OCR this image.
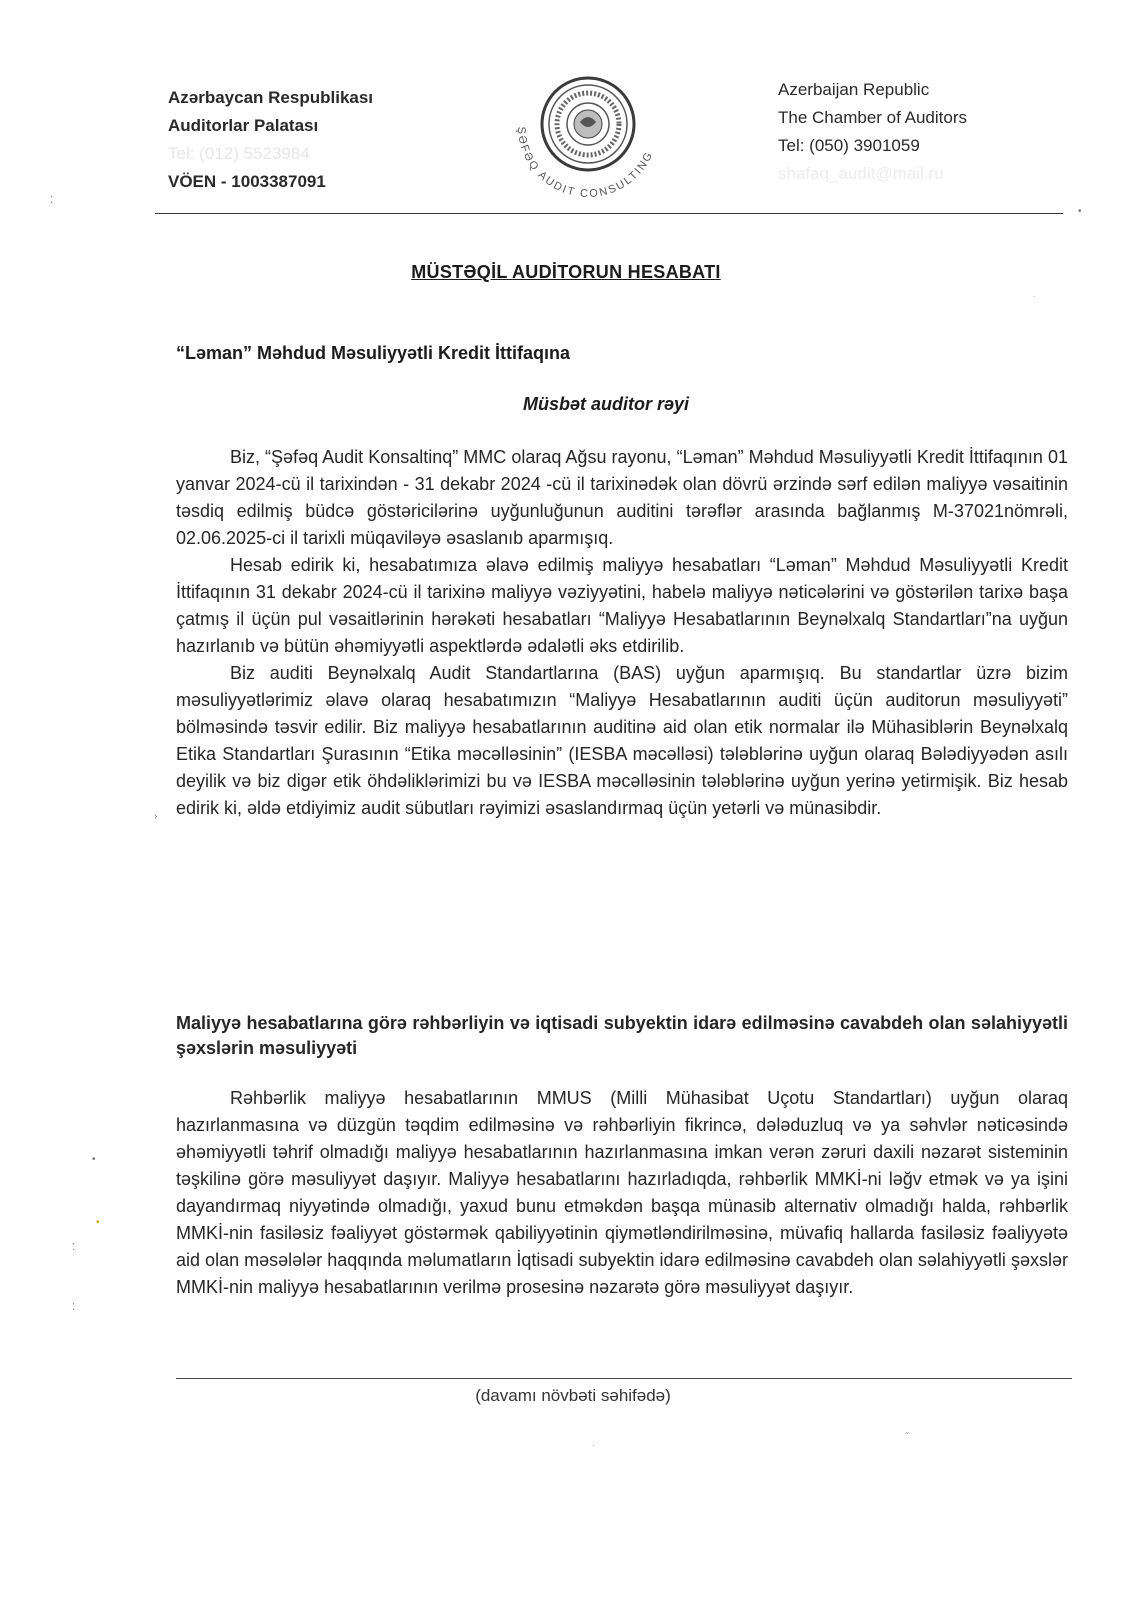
Azərbaycan Respublikası
Auditorlar Palatası
Tel: (012) 5523984
VÖEN - 1003387091
ŞƏFƏQ AUDIT CONSULTING
Azerbaijan Republic
The Chamber of Auditors
Tel: (050) 3901059
shafaq_audit@mail.ru
MÜSTƏQİL AUDİTORUN HESABATI
“Ləman” Məhdud Məsuliyyətli Kredit İttifaqına
Müsbət auditor rəyi

Biz, “Şəfəq Audit Konsaltinq” MMC olaraq Ağsu rayonu, “Ləman” Məhdud Məsuliyyətli Kredit İttifaqının 01 yanvar 2024-cü il tarixindən - 31 dekabr 2024 -cü il tarixinədək olan dövrü ərzində sərf edilən maliyyə vəsaitinin təsdiq edilmiş büdcə göstəricilərinə uyğunluğunun auditini tərəflər arasında bağlanmış M-37021nömrəli, 02.06.2025-ci il tarixli müqaviləyə əsaslanıb aparmışıq.

Hesab edirik ki, hesabatımıza əlavə edilmiş maliyyə hesabatları “Ləman” Məhdud Məsuliyyətli Kredit İttifaqının 31 dekabr 2024-cü il tarixinə maliyyə vəziyyətini, habelə maliyyə nəticələrini və göstərilən tarixə başa çatmış il üçün pul vəsaitlərinin hərəkəti hesabatları “Maliyyə Hesabatlarının Beynəlxalq Standartları”na uyğun hazırlanıb və bütün əhəmiyyətli aspektlərdə ədalətli əks etdirilib.

Biz auditi Beynəlxalq Audit Standartlarına (BAS) uyğun aparmışıq. Bu standartlar üzrə bizim məsuliyyətlərimiz əlavə olaraq hesabatımızın “Maliyyə Hesabatlarının auditi üçün auditorun məsuliyyəti” bölməsində təsvir edilir. Biz maliyyə hesabatlarının auditinə aid olan etik normalar ilə Mühasiblərin Beynəlxalq Etika Standartları Şurasının “Etika məcəlləsinin” (IESBA məcəlləsi) tələblərinə uyğun olaraq Bələdiyyədən asılı deyilik və biz digər etik öhdəliklərimizi bu və IESBA məcəlləsinin tələblərinə uyğun yerinə yetirmişik. Biz hesab edirik ki, əldə etdiyimiz audit sübutları rəyimizi əsaslandırmaq üçün yetərli və münasibdir.

Maliyyə hesabatlarına görə rəhbərliyin və iqtisadi subyektin idarə edilməsinə cavabdeh olan səlahiyyətli şəxslərin məsuliyyəti

Rəhbərlik maliyyə hesabatlarının MMUS (Milli Mühasibat Uçotu Standartları) uyğun olaraq hazırlanmasına və düzgün təqdim edilməsinə və rəhbərliyin fikrincə, dələduzluq və ya səhvlər nəticəsində əhəmiyyətli təhrif olmadığı maliyyə hesabatlarının hazırlanmasına imkan verən zəruri daxili nəzarət sisteminin təşkilinə görə məsuliyyət daşıyır. Maliyyə hesabatlarını hazırladıqda, rəhbərlik MMKİ-ni ləğv etmək və ya işini dayandırmaq niyyətində olmadığı, yaxud bunu etməkdən başqa münasib alternativ olmadığı halda, rəhbərlik MMKİ-nin fasiləsiz fəaliyyət göstərmək qabiliyyətinin qiymətləndirilməsinə, müvafiq hallarda fasiləsiz fəaliyyətə aid olan məsələlər haqqında məlumatların İqtisadi subyektin idarə edilməsinə cavabdeh olan səlahiyyətli şəxslər MMKİ-nin maliyyə hesabatlarının verilmə prosesinə nəzarətə görə məsuliyyət daşıyır.

(davamı növbəti səhifədə)
⁚
•
›
•
•
⁚
⁚
˝
·
·
